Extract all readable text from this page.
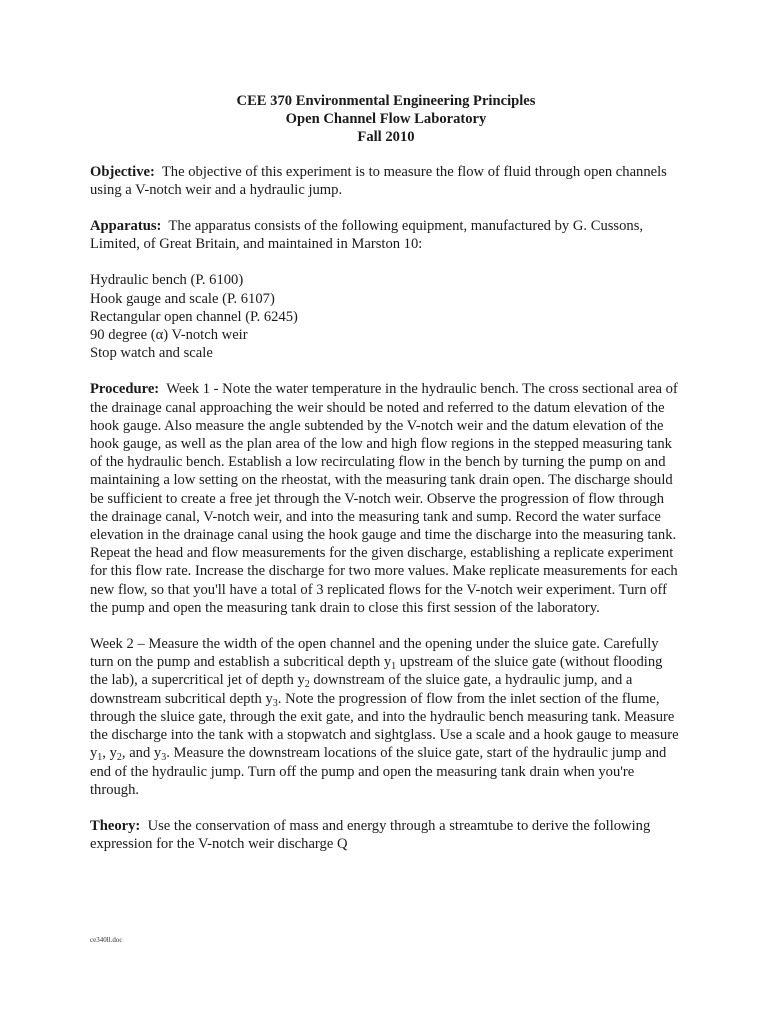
CEE 370 Environmental Engineering Principles
Open Channel Flow Laboratory
Fall 2010

Objective: The objective of this experiment is to measure the flow of fluid through open channels using a V-notch weir and a hydraulic jump.

Apparatus: The apparatus consists of the following equipment, manufactured by G. Cussons, Limited, of Great Britain, and maintained in Marston 10:

Hydraulic bench (P. 6100)
Hook gauge and scale (P. 6107)
Rectangular open channel (P. 6245)
90 degree (α) V-notch weir
Stop watch and scale

Procedure: Week 1 - Note the water temperature in the hydraulic bench. The cross sectional area of the drainage canal approaching the weir should be noted and referred to the datum elevation of the hook gauge. Also measure the angle subtended by the V-notch weir and the datum elevation of the hook gauge, as well as the plan area of the low and high flow regions in the stepped measuring tank of the hydraulic bench. Establish a low recirculating flow in the bench by turning the pump on and maintaining a low setting on the rheostat, with the measuring tank drain open. The discharge should be sufficient to create a free jet through the V-notch weir. Observe the progression of flow through the drainage canal, V-notch weir, and into the measuring tank and sump. Record the water surface elevation in the drainage canal using the hook gauge and time the discharge into the measuring tank. Repeat the head and flow measurements for the given discharge, establishing a replicate experiment for this flow rate. Increase the discharge for two more values. Make replicate measurements for each new flow, so that you'll have a total of 3 replicated flows for the V-notch weir experiment. Turn off the pump and open the measuring tank drain to close this first session of the laboratory.

Week 2 – Measure the width of the open channel and the opening under the sluice gate. Carefully turn on the pump and establish a subcritical depth $y_1$ upstream of the sluice gate (without flooding the lab), a supercritical jet of depth $y_2$ downstream of the sluice gate, a hydraulic jump, and a downstream subcritical depth $y_3$. Note the progression of flow from the inlet section of the flume, through the sluice gate, through the exit gate, and into the hydraulic bench measuring tank. Measure the discharge into the tank with a stopwatch and sightglass. Use a scale and a hook gauge to measure $y_1$, $y_2$, and $y_3$. Measure the downstream locations of the sluice gate, start of the hydraulic jump and end of the hydraulic jump. Turn off the pump and open the measuring tank drain when you're through.

Theory: Use the conservation of mass and energy through a streamtube to derive the following expression for the V-notch weir discharge Q

ce340ll.doc
